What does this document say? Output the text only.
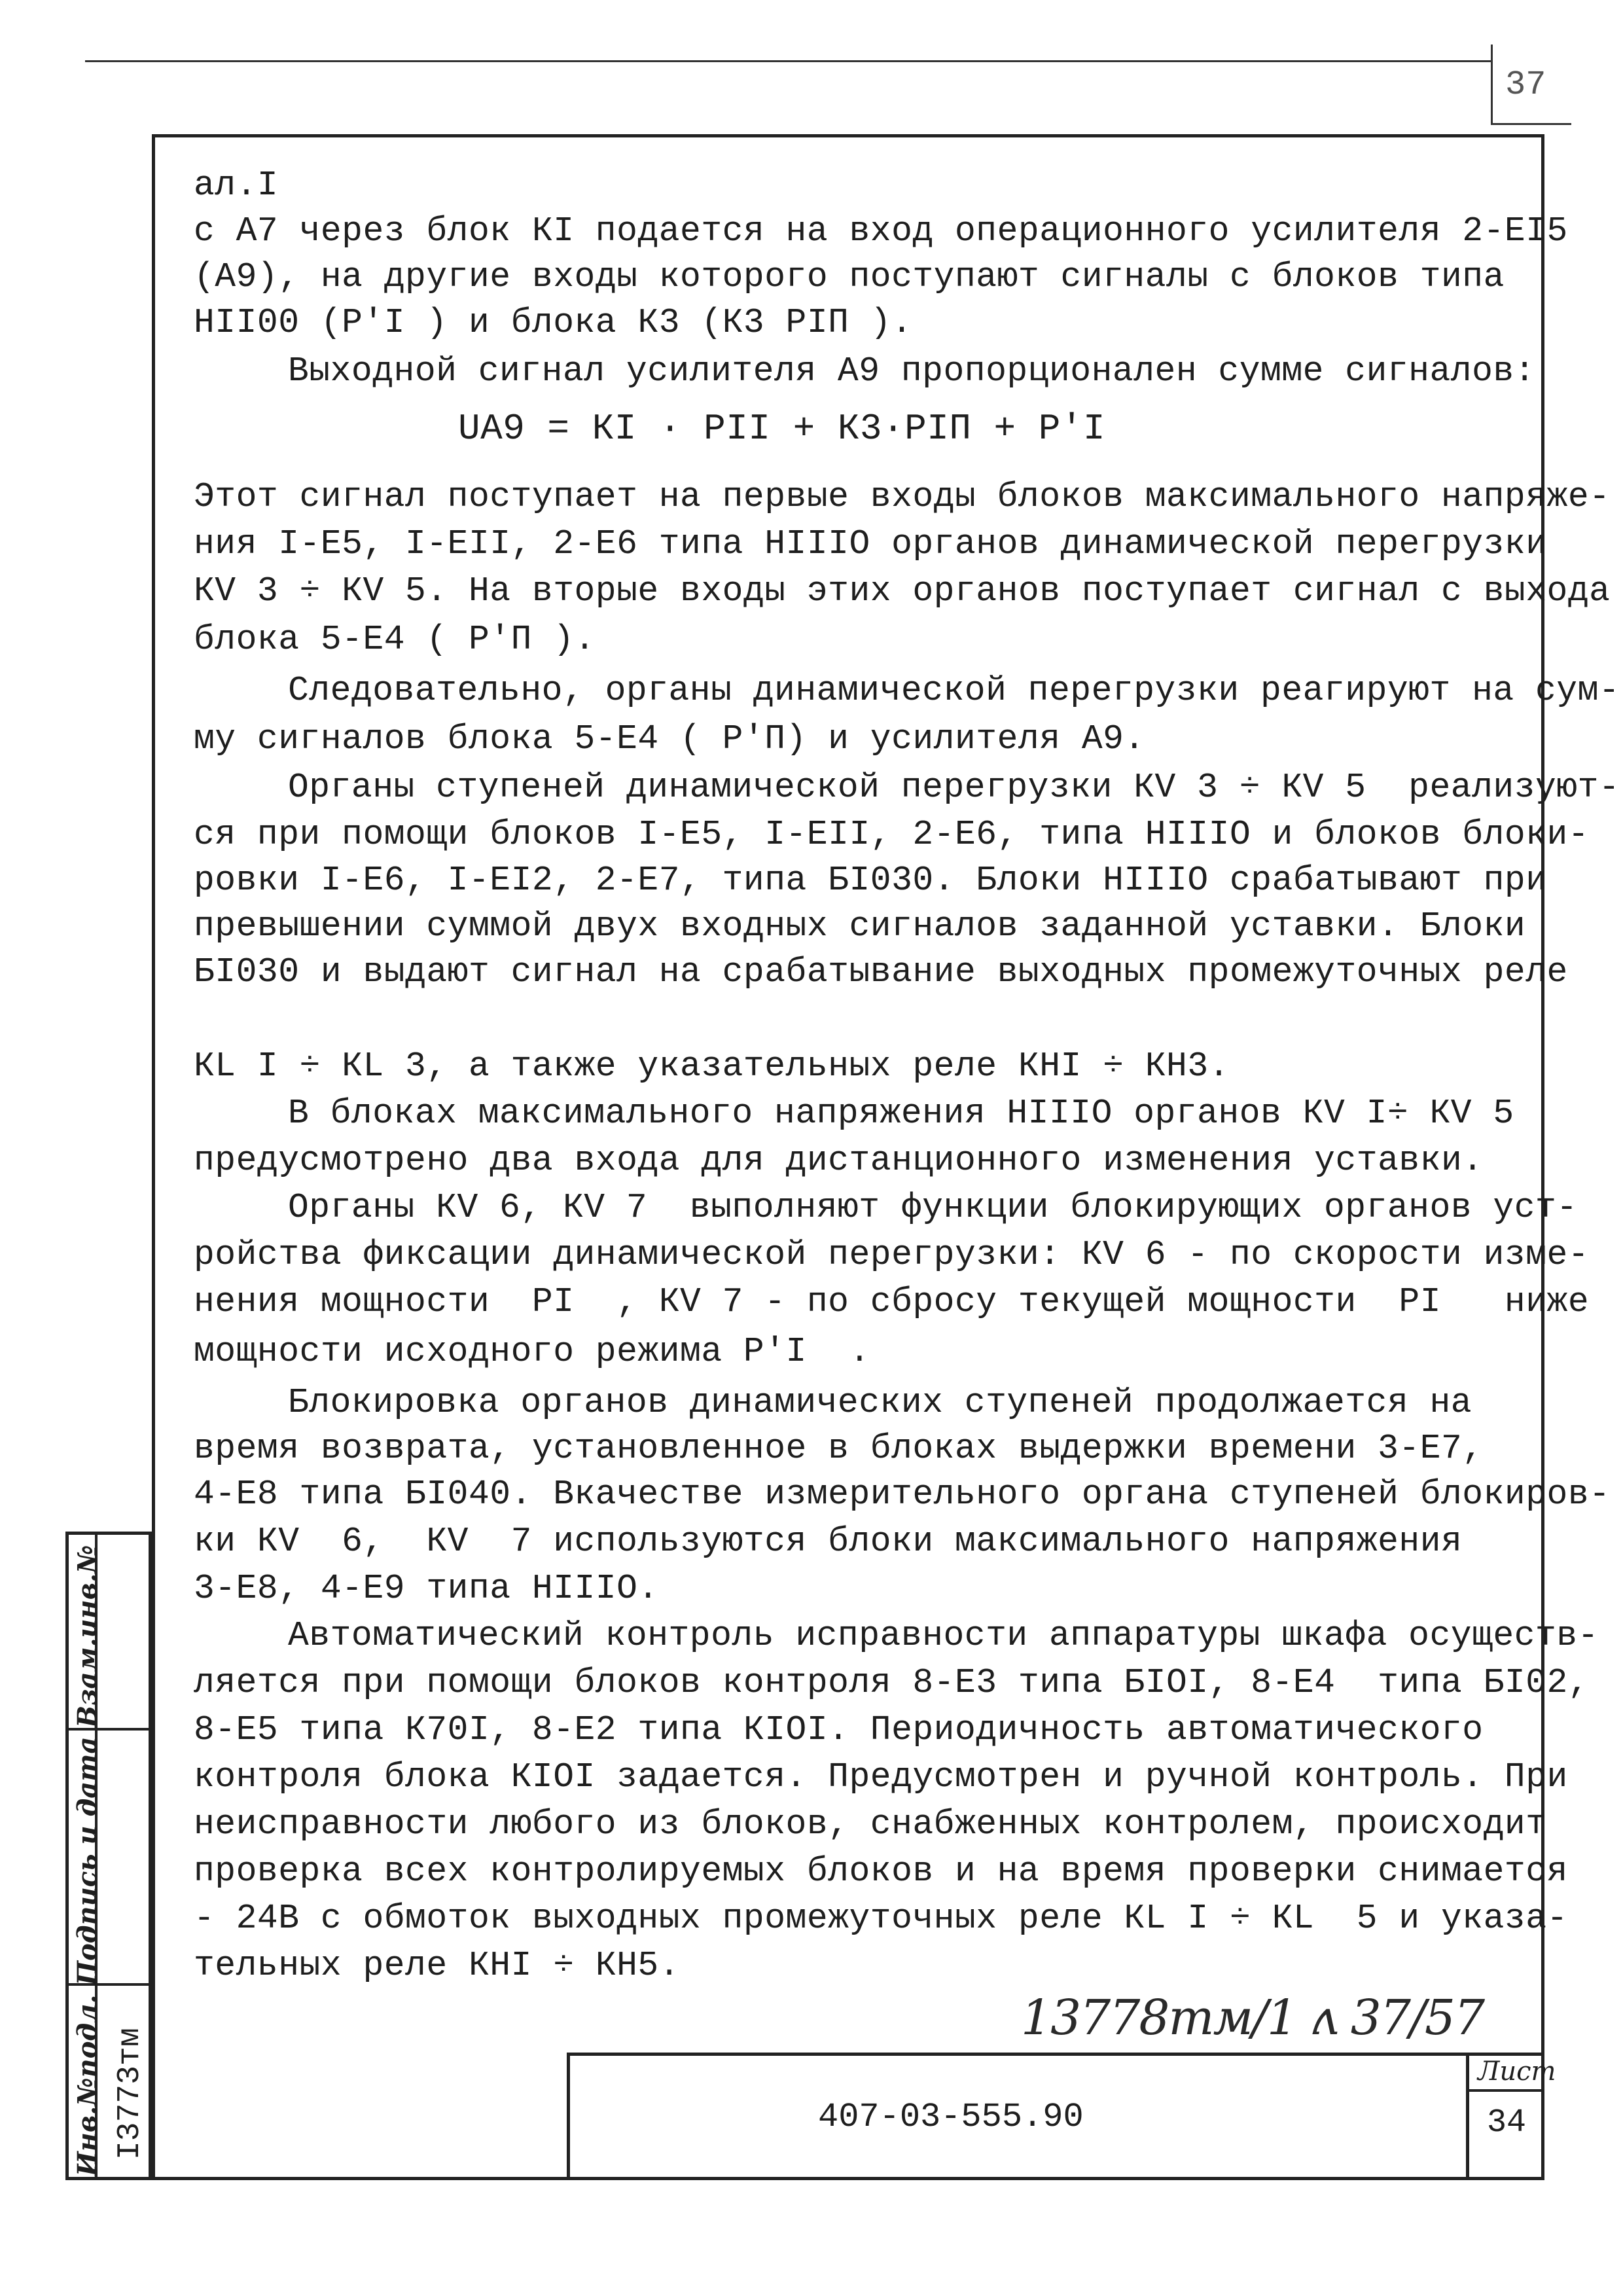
37
ал.I
с А7 через блок КI подается на вход операционного усилителя 2-ЕI5
(А9), на другие входы которого поступают сигналы с блоков типа
НII00 (P'I ) и блока К3 (К3 PIП ).
Выходной сигнал усилителя А9 пропорционален сумме сигналов:
UА9 = КI · PII + К3·PIП + P'I
Этот сигнал поступает на первые входы блоков максимального напряже-
ния I-Е5, I-ЕII, 2-Е6 типа НIIIО органов динамической перегрузки
КV 3 ÷ КV 5. На вторые входы этих органов поступает сигнал с выхода
блока 5-Е4 ( P'П ).
Следовательно, органы динамической перегрузки реагируют на сум-
му сигналов блока 5-Е4 ( P'П) и усилителя А9.
Органы ступеней динамической перегрузки КV 3 ÷ КV 5  реализуют-
ся при помощи блоков I-Е5, I-ЕII, 2-Е6, типа НIIIО и блоков блоки-
ровки I-Е6, I-ЕI2, 2-Е7, типа БI030. Блоки НIIIО срабатывают при
превышении суммой двух входных сигналов заданной уставки. Блоки
БI030 и выдают сигнал на срабатывание выходных промежуточных реле
КL I ÷ КL 3, а также указательных реле КНI ÷ КН3.
В блоках максимального напряжения НIIIО органов КV I÷ КV 5
предусмотрено два входа для дистанционного изменения уставки.
Органы КV 6, КV 7  выполняют функции блокирующих органов уст-
ройства фиксации динамической перегрузки: КV 6 - по скорости изме-
нения мощности  PI  , КV 7 - по сбросу текущей мощности  PI   ниже
мощности исходного режима P'I  .
Блокировка органов динамических ступеней продолжается на
время возврата, установленное в блоках выдержки времени 3-Е7,
4-Е8 типа БI040. Вкачестве измерительного органа ступеней блокиров-
ки КV  6,  КV  7 используются блоки максимального напряжения
3-Е8, 4-Е9 типа НIIIО.
Автоматический контроль исправности аппаратуры шкафа осуществ-
ляется при помощи блоков контроля 8-Е3 типа БIОI, 8-Е4  типа БI02,
8-Е5 типа К70I, 8-Е2 типа КIОI. Периодичность автоматического
контроля блока КIОI задается. Предусмотрен и ручной контроль. При
неисправности любого из блоков, снабженных контролем, происходит
проверка всех контролируемых блоков и на время проверки снимается
- 24В с обмоток выходных промежуточных реле КL I ÷ КL  5 и указа-
тельных реле КНI ÷ КН5.
13778тм/1 ʌ 37/57
407-03-555.90
Лист
34
Инв.№подл. Подпись и дата Взам.инв.№ I3773тм
